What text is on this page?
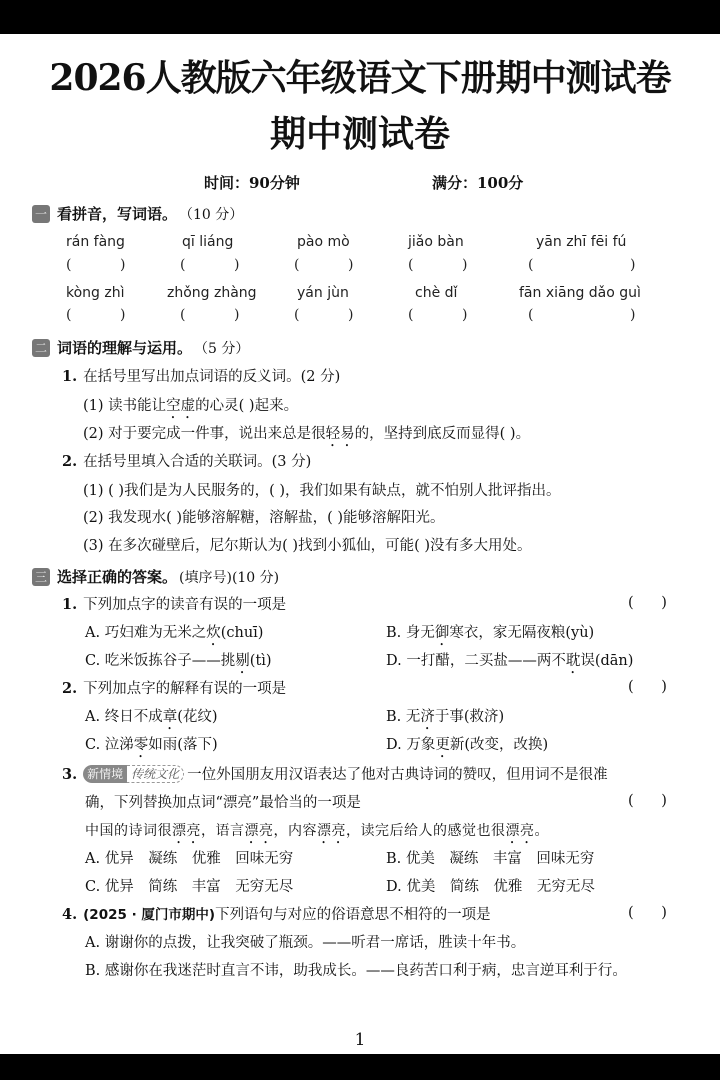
2026人教版六年级语文下册期中测试卷
期中测试卷
时间：90分钟	满分：100分
一 看拼音，写词语。 （10 分）
rán fàng	qī liáng	pào mò	jiǎo bàn	yān zhī fēi fú
(	)	(	)	(	)	(	)	(	)
kòng zhì	zhǒng zhàng	yán jùn	chè dǐ	fān xiāng dǎo guì
(	)	(	)	(	)	(	)	(	)
二 词语的理解与运用。 （5 分）
1. 在括号里写出加点词语的反义词。(2 分)
(1) 读书能让空虚的心灵( )起来。
(2) 对于要完成一件事，说出来总是很轻易的，坚持到底反而显得( )。
2. 在括号里填入合适的关联词。(3 分)
(1) ( )我们是为人民服务的，( )，我们如果有缺点，就不怕别人批评指出。
(2) 我发现水( )能够溶解糖，溶解盐，( )能够溶解阳光。
(3) 在多次碰壁后，尼尔斯认为( )找到小狐仙，可能( )没有多大用处。
三 选择正确的答案。 (填序号)(10 分)
1. 下列加点字的读音有误的一项是	(      )
A. 巧妇难为无米之炊(chuī)	B. 身无御寒衣，家无隔夜粮(yù)
C. 吃米饭拣谷子——挑剔(tì)	D. 一打醋，二买盐——两不耽误(dān)
2. 下列加点字的解释有误的一项是	(      )
A. 终日不成章(花纹)	B. 无济于事(救济)
C. 泣涕零如雨(落下)	D. 万象更新(改变，改换)
3. 新情境 传统文化 一位外国朋友用汉语表达了他对古典诗词的赞叹，但用词不是很准
确，下列替换加点词“漂亮”最恰当的一项是	(      )
中国的诗词很漂亮，语言漂亮，内容漂亮，读完后给人的感觉也很漂亮。
A. 优异　凝练　优雅　回味无穷	B. 优美　凝练　丰富　回味无穷
C. 优异　简练　丰富　无穷无尽	D. 优美　简练　优雅　无穷无尽
4. (2025 · 厦门市期中)下列语句与对应的俗语意思不相符的一项是	(      )
A. 谢谢你的点拨，让我突破了瓶颈。——听君一席话，胜读十年书。
B. 感谢你在我迷茫时直言不讳，助我成长。——良药苦口利于病，忠言逆耳利于行。
1
